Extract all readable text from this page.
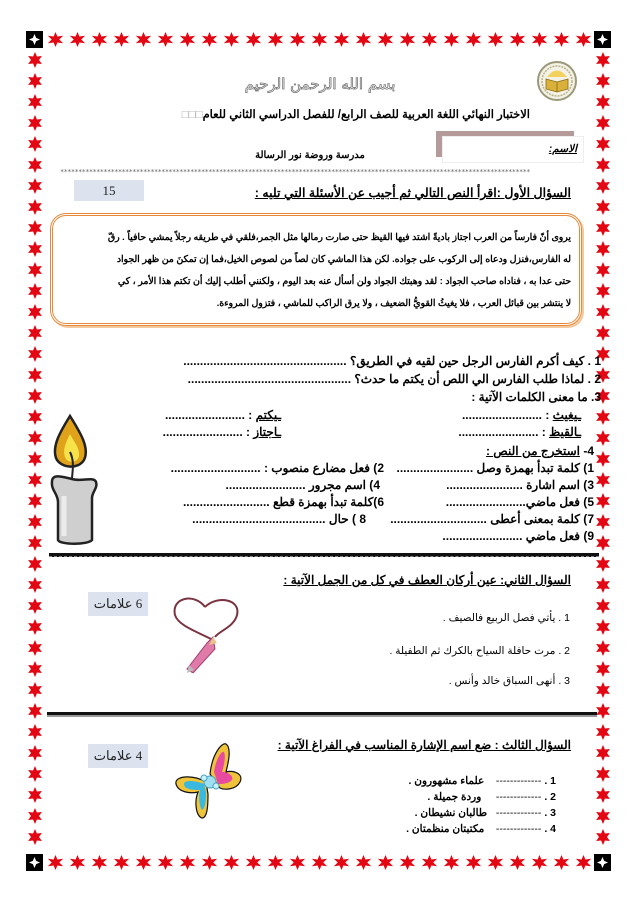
بسم الله الرحمن الرحيم
الاختبار النهائي اللغة العربية للصف الرابع/ للفصل الدراسي الثاني للعام□□□
الاسم:
مدرسة وروضة نور الرسالة
**********************************************************************************************************************************
15	السؤال الأول :اقرأ النص التالي ثم أجيب عن الأسئلة التي تليه :
يروى أنّ فارساً من العرب اجتاز باديةً اشتد فيها القيظ حتى صارت رمالها مثل الجمر،فلقي في طريقه رجلاً يمشي حافياً . رقّ
له الفارس،فنزل ودعاه إلى الركوب على جواده. لكن هذا الماشي كان لصاً من لصوص الخيل،فما إن تمكنَ من ظهر الجواد
حتى عدا به ، فناداه صاحب الجواد : لقد وهبتك الجواد ولن أسأل عنه بعد اليوم ، ولكنني أطلب إليك أن تكتم هذا الأمر ، كي
لا ينتشر بين قبائل العرب ، فلا يغيثُ القويُّ الضعيف ، ولا يرق الراكب للماشي ، فتزول المروءة.
1 . كيف أكرم الفارس الرجل حين لقيه في الطريق؟ .................................................
2 . لماذا طلب الفارس الي اللص أن يكتم ما حدث؟ .................................................
3. ما معنى الكلمات الآتية :
ـيغيث : ........................
ـيكتم : ........................
ـالقيظ : ........................
ـاجتاز : ........................
4- استخرج من النص :
1) كلمة تبدأ بهمزة وصل .......................
2) فعل مضارع منصوب : ...........................
3) اسم اشارة .......................
4) اسم مجرور ........................
5) فعل ماضي........................
6)كلمة تبدأ بهمزة قطع ..........................
7) كلمة بمعنى أعطى .............................
8 ) حال ........................................
9) فعل ماضي ........................
السؤال الثاني: عين أركان العطف في كل من الجمل الآتية :
6 علامات
1 . يأتي فصل الربيع فالصيف .
2 . مرت حافلة السياح بالكرك ثم الطفيلة .
3 . أنهى السباق خالد وأنس .
السؤال الثالث : ضع اسم الإشارة المناسب في الفراغ الآتية :
4 علامات
1 . -------------    علماء مشهورون .
2 . -------------     وردة جميلة .
3 . -------------   طالبان نشيطان .
4 . -------------    مكتبتان منظمتان .
